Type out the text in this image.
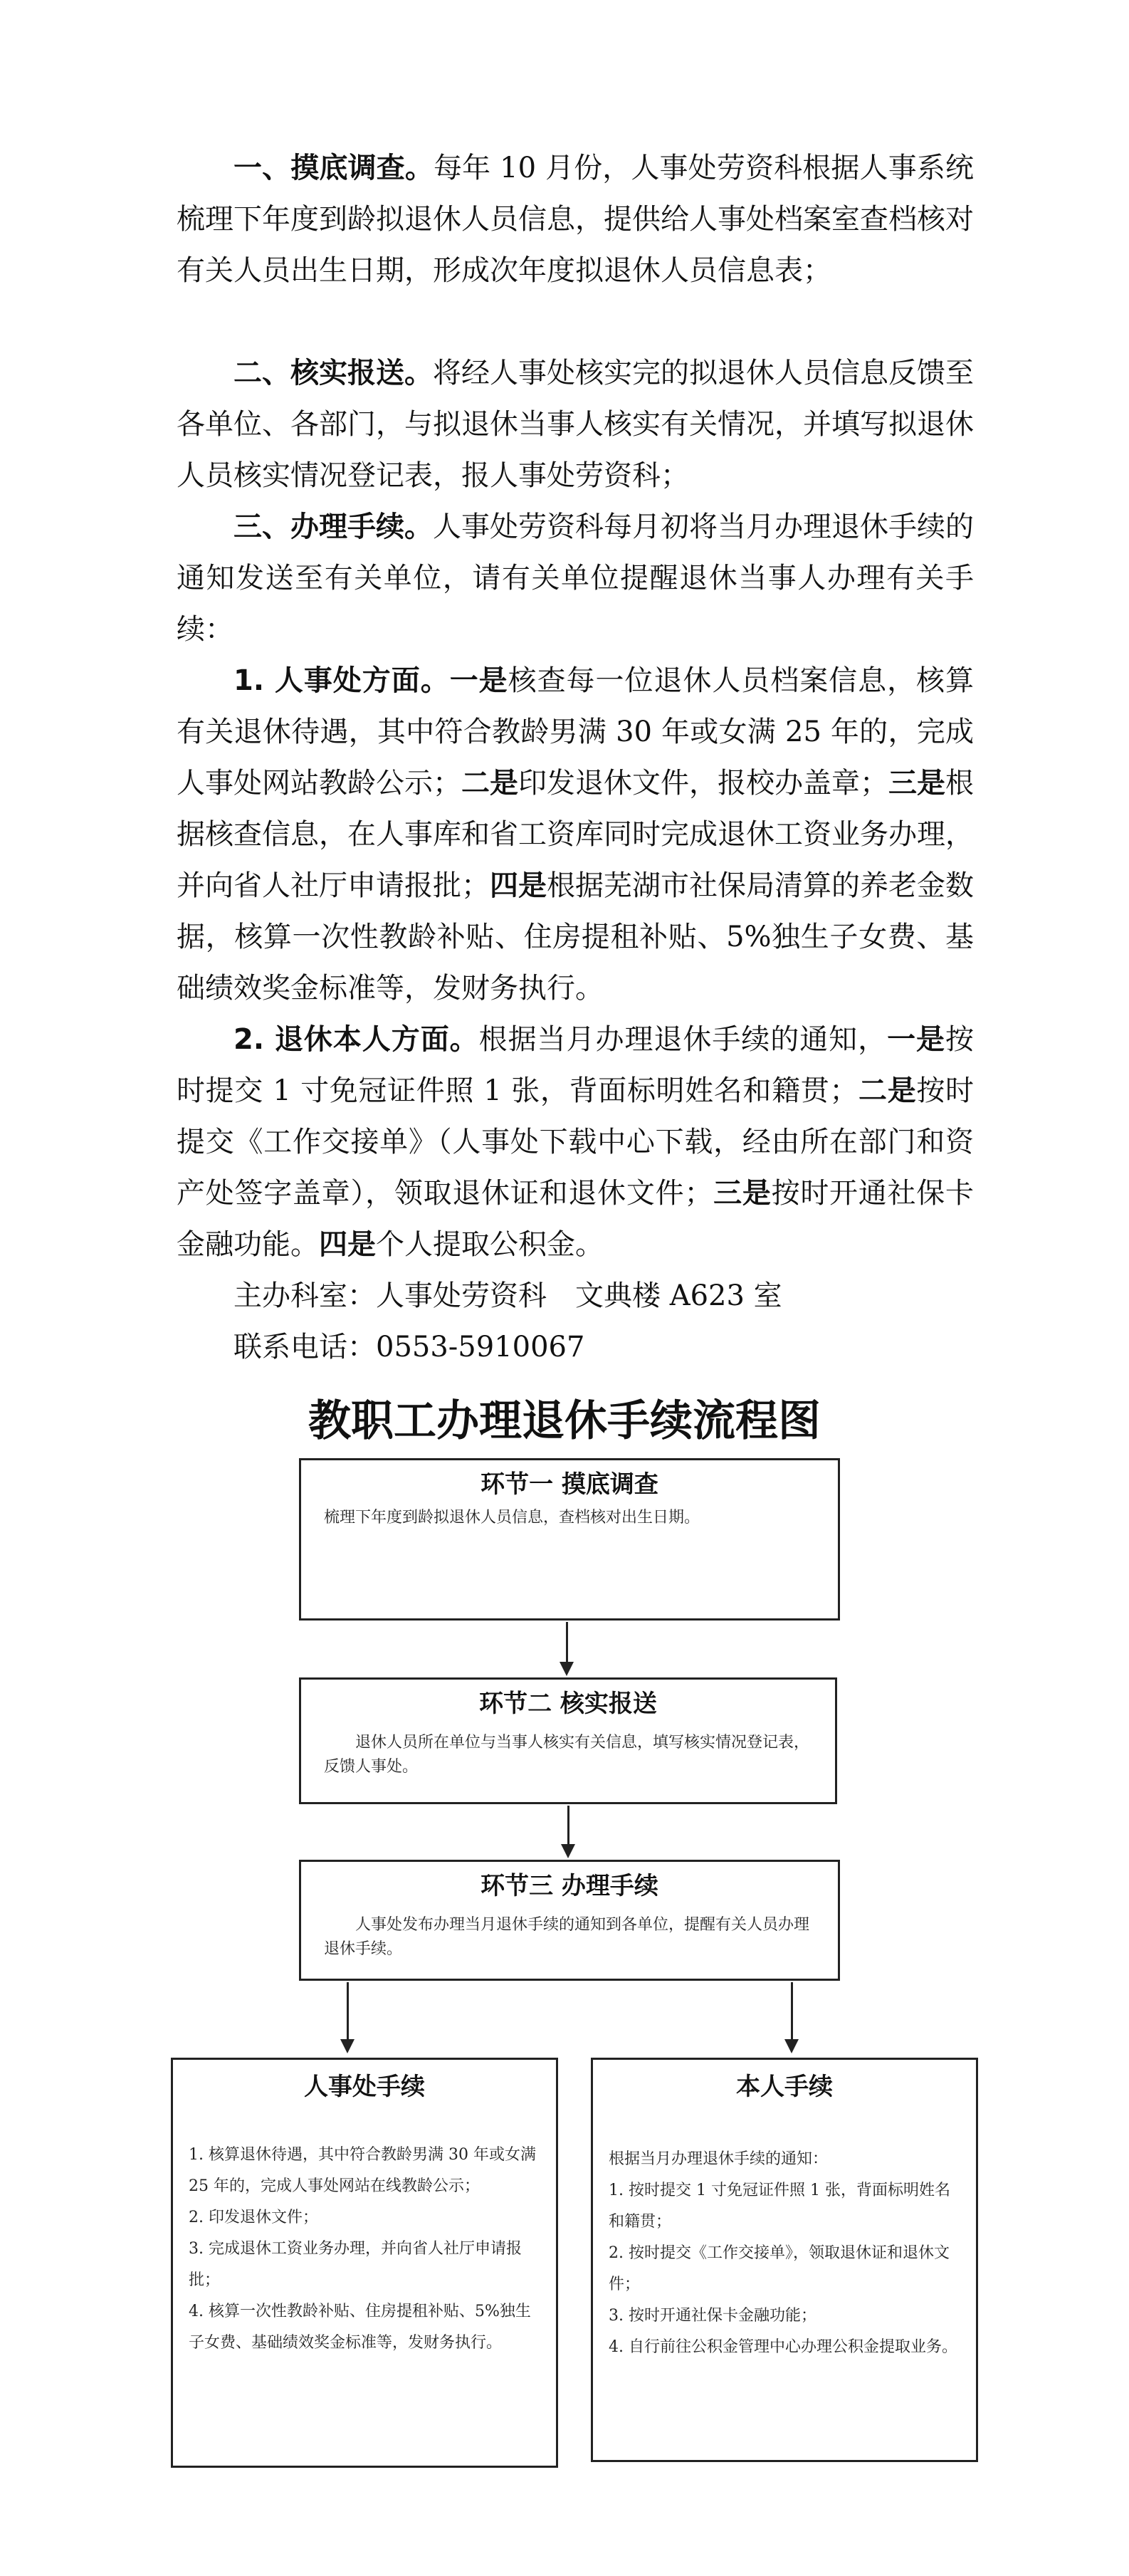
一、摸底调查。每年 10 月份，人事处劳资科根据人事系统梳理下年度到龄拟退休人员信息，提供给人事处档案室查档核对有关人员出生日期，形成次年度拟退休人员信息表；

二、核实报送。将经人事处核实完的拟退休人员信息反馈至各单位、各部门，与拟退休当事人核实有关情况，并填写拟退休人员核实情况登记表，报人事处劳资科；

三、办理手续。人事处劳资科每月初将当月办理退休手续的通知发送至有关单位，请有关单位提醒退休当事人办理有关手续：

1. 人事处方面。一是核查每一位退休人员档案信息，核算有关退休待遇，其中符合教龄男满 30 年或女满 25 年的，完成人事处网站教龄公示；二是印发退休文件，报校办盖章；三是根据核查信息，在人事库和省工资库同时完成退休工资业务办理，并向省人社厅申请报批；四是根据芜湖市社保局清算的养老金数据，核算一次性教龄补贴、住房提租补贴、5%独生子女费、基础绩效奖金标准等，发财务执行。

2. 退休本人方面。根据当月办理退休手续的通知，一是按时提交 1 寸免冠证件照 1 张，背面标明姓名和籍贯；二是按时提交《工作交接单》（人事处下载中心下载，经由所在部门和资产处签字盖章），领取退休证和退休文件；三是按时开通社保卡金融功能。四是个人提取公积金。

主办科室：人事处劳资科　文典楼 A623 室

联系电话：0553-5910067

教职工办理退休手续流程图
环节一 摸底调查

梳理下年度到龄拟退休人员信息，查档核对出生日期。

环节二 核实报送

退休人员所在单位与当事人核实有关信息，填写核实情况登记表，反馈人事处。

环节三 办理手续

人事处发布办理当月退休手续的通知到各单位，提醒有关人员办理退休手续。

人事处手续
1. 核算退休待遇，其中符合教龄男满 30 年或女满 25 年的，完成人事处网站在线教龄公示；
2. 印发退休文件；
3. 完成退休工资业务办理，并向省人社厅申请报批；
4. 核算一次性教龄补贴、住房提租补贴、5%独生子女费、基础绩效奖金标准等，发财务执行。
本人手续

根据当月办理退休手续的通知：

1. 按时提交 1 寸免冠证件照 1 张，背面标明姓名和籍贯；
2. 按时提交《工作交接单》，领取退休证和退休文件；
3. 按时开通社保卡金融功能；
4. 自行前往公积金管理中心办理公积金提取业务。
